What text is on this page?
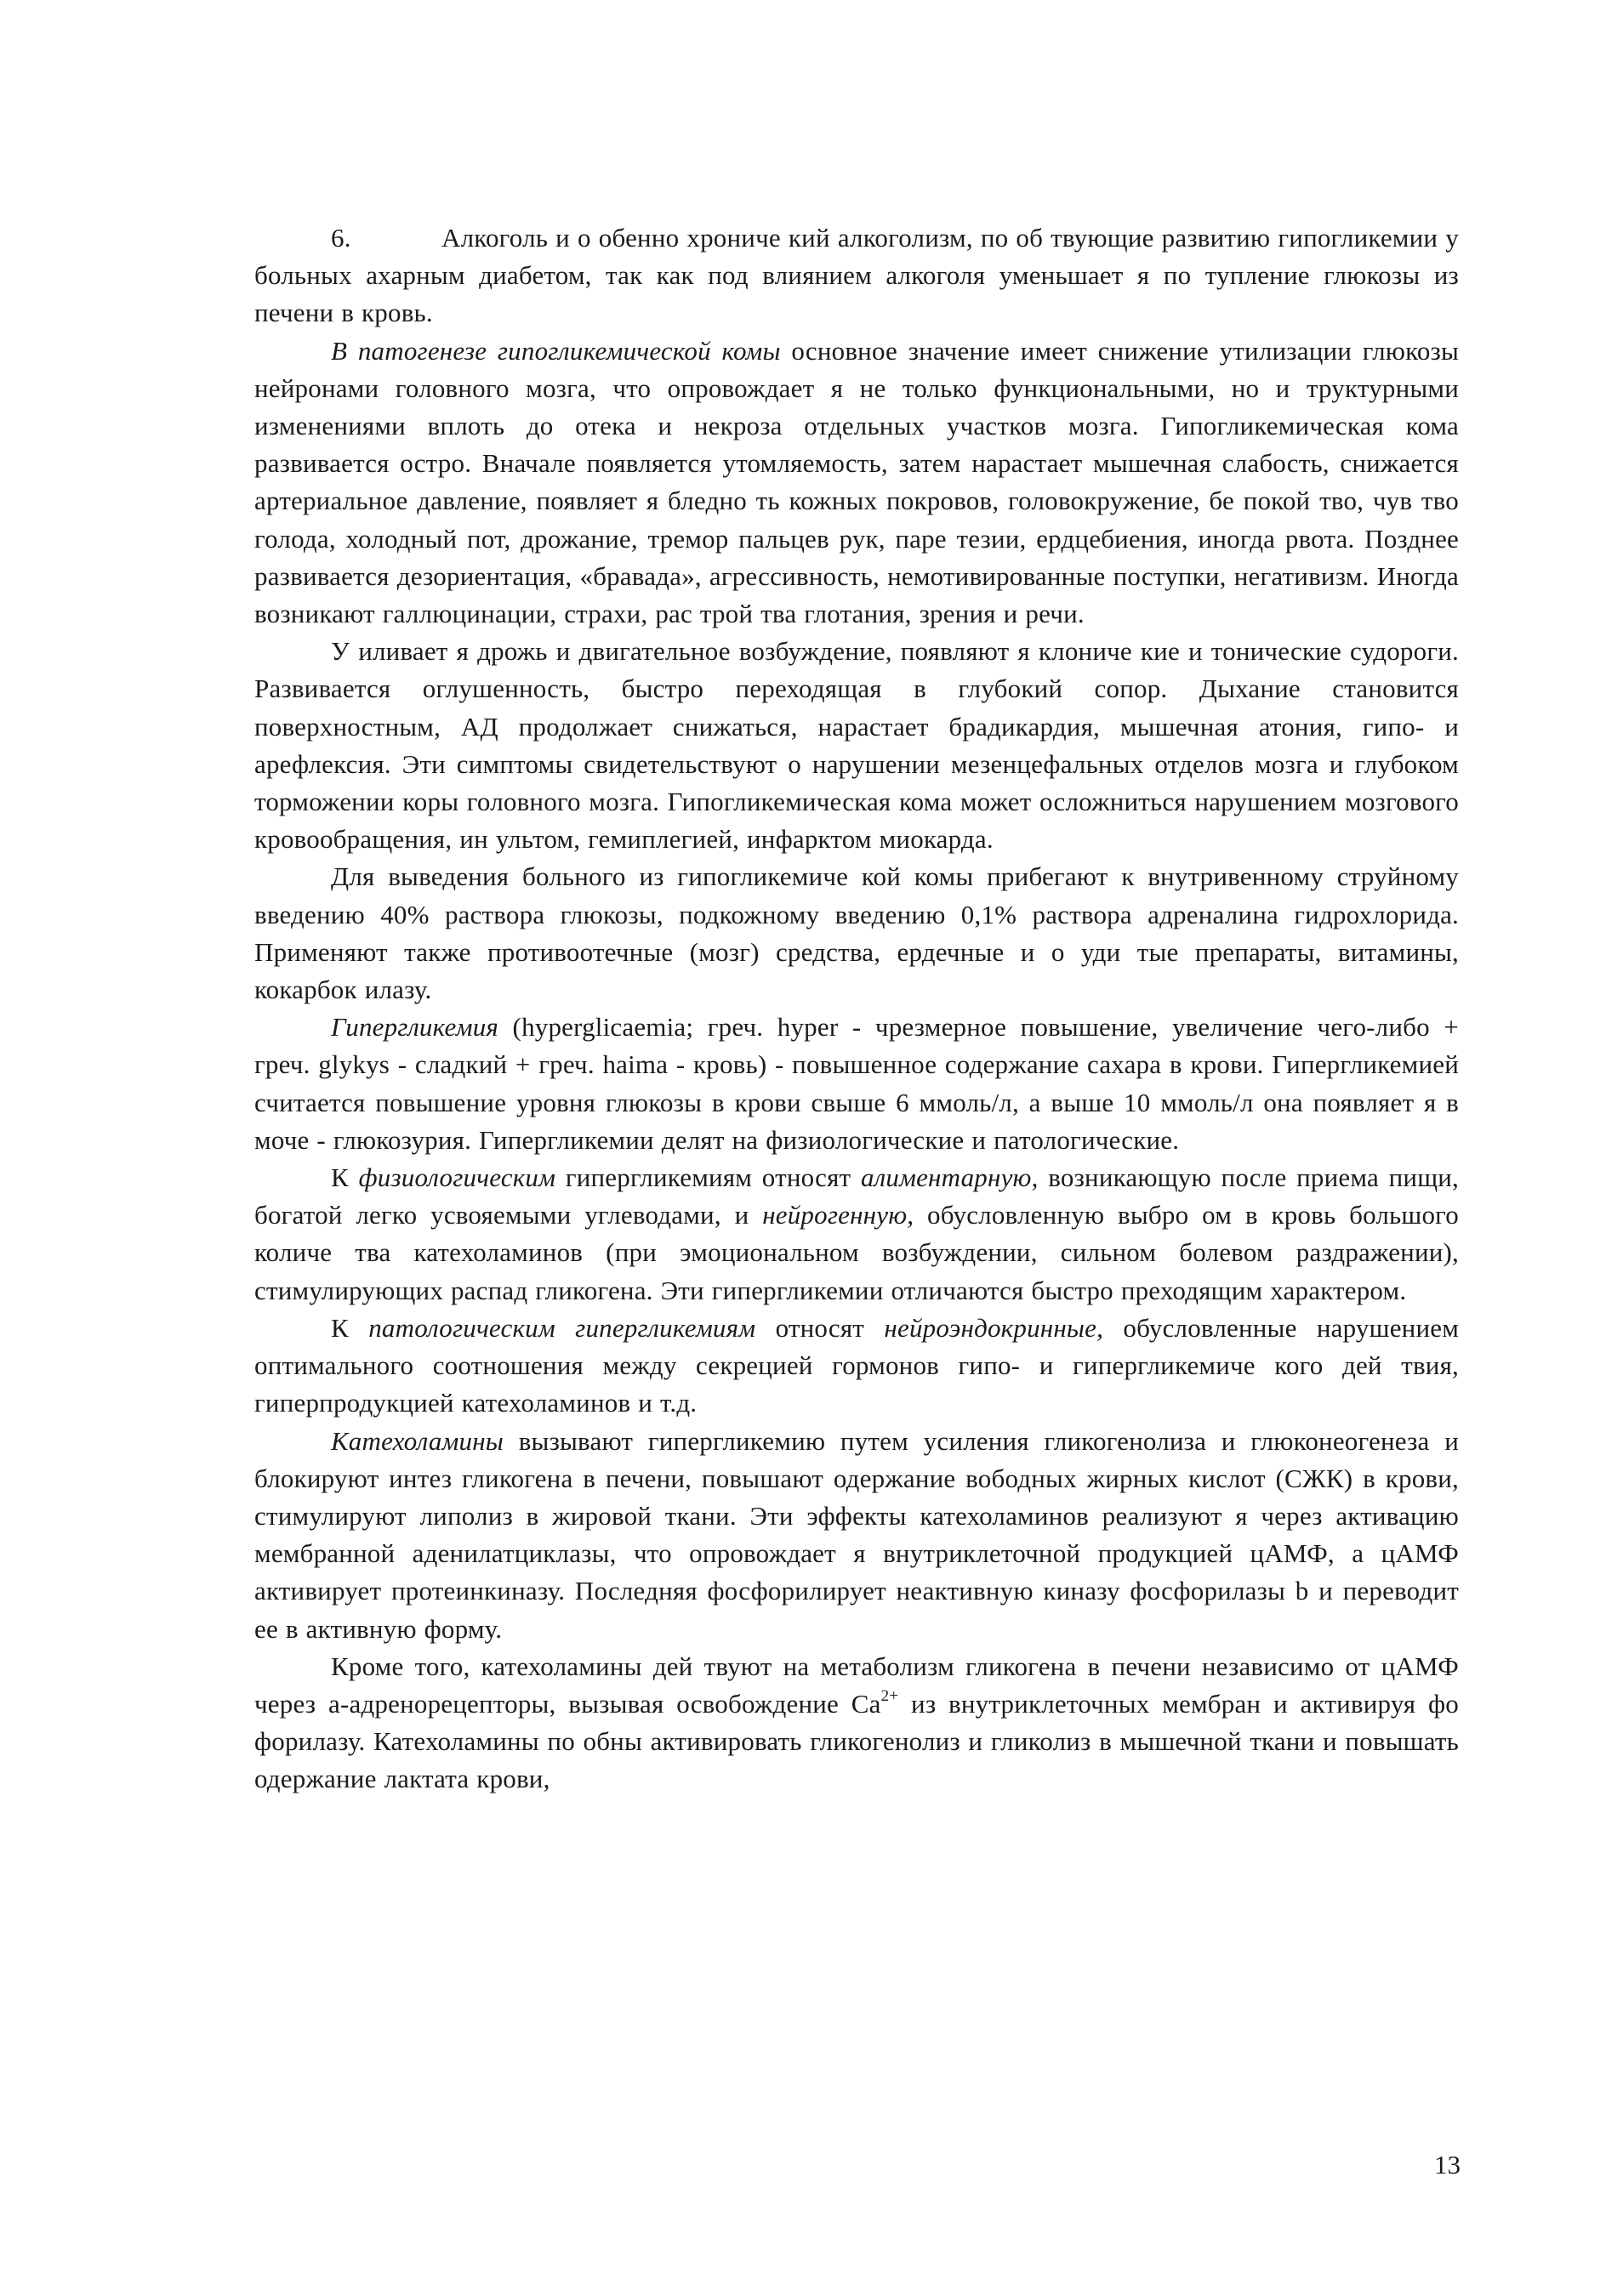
6.	Алкоголь и о обенно хрониче кий алкоголизм, по об твующие развитию гипогликемии у больных ахарным диабетом, так как под влиянием алкоголя уменьшает я по тупление глюкозы из печени в кровь.

В патогенезе гипогликемической комы основное значение имеет снижение утилизации глюкозы нейронами головного мозга, что опровождает я не только функциональными, но и труктурными изменениями вплоть до отека и некроза отдельных участков мозга. Гипогликемическая кома развивается остро. Вначале появляется утомляемость, затем нарастает мышечная слабость, снижается артериальное давление, появляет я бледно ть кожных покровов, головокружение, бе покой тво, чув тво голода, холодный пот, дрожание, тремор пальцев рук, паре тезии, ердцебиения, иногда рвота. Позднее развивается дезориентация, «бравада», агрессивность, немотивированные поступки, негативизм. Иногда возникают галлюцинации, страхи, рас трой тва глотания, зрения и речи.

У иливает я дрожь и двигательное возбуждение, появляют я клониче кие и тонические судороги. Развивается оглушенность, быстро переходящая в глубокий сопор. Дыхание становится поверхностным, АД продолжает снижаться, нарастает брадикардия, мышечная атония, гипо- и арефлексия. Эти симптомы свидетельствуют о нарушении мезенцефальных отделов мозга и глубоком торможении коры головного мозга. Гипогликемическая кома может осложниться нарушением мозгового кровообращения, ин ультом, гемиплегией, инфарктом миокарда.

Для выведения больного из гипогликемиче кой комы прибегают к внутривенному струйному введению 40% раствора глюкозы, подкожному введению 0,1% раствора адреналина гидрохлорида. Применяют также противоотечные (мозг) средства, ердечные и о уди тые препараты, витамины, кокарбок илазу.

Гипергликемия (hyperglicaemia; греч. hyper - чрезмерное повышение, увеличение чего-либо + греч. glykys - сладкий + греч. haima - кровь) - повышенное содержание сахара в крови. Гипергликемией считается повышение уровня глюкозы в крови свыше 6 ммоль/л, а выше 10 ммоль/л она появляет я в моче - глюкозурия. Гипергликемии делят на физиологические и патологические.

К физиологическим гипергликемиям относят алиментарную, возникающую после приема пищи, богатой легко усвояемыми углеводами, и нейрогенную, обусловленную выбро ом в кровь большого количе тва катехоламинов (при эмоциональном возбуждении, сильном болевом раздражении), стимулирующих распад гликогена. Эти гипергликемии отличаются быстро преходящим характером.

К патологическим гипергликемиям относят нейроэндокринные, обусловленные нарушением оптимального соотношения между секрецией гормонов гипо- и гипергликемиче кого дей твия, гиперпродукцией катехоламинов и т.д.

Катехоламины вызывают гипергликемию путем усиления гликогенолиза и глюконеогенеза и блокируют интез гликогена в печени, повышают одержание вободных жирных кислот (СЖК) в крови, стимулируют липолиз в жировой ткани. Эти эффекты катехоламинов реализуют я через активацию мембранной аденилатциклазы, что опровождает я внутриклеточной продукцией цАМФ, а цАМФ активирует протеинкиназу. Последняя фосфорилирует неактивную киназу фосфорилазы b и переводит ее в активную форму.

Кроме того, катехоламины дей твуют на метаболизм гликогена в печени независимо от цАМФ через а-адренорецепторы, вызывая освобождение $Са^{2+}$ из внутриклеточных мембран и активируя фо форилазу. Катехоламины по обны активировать гликогенолиз и гликолиз в мышечной ткани и повышать одержание лактата крови,

13
